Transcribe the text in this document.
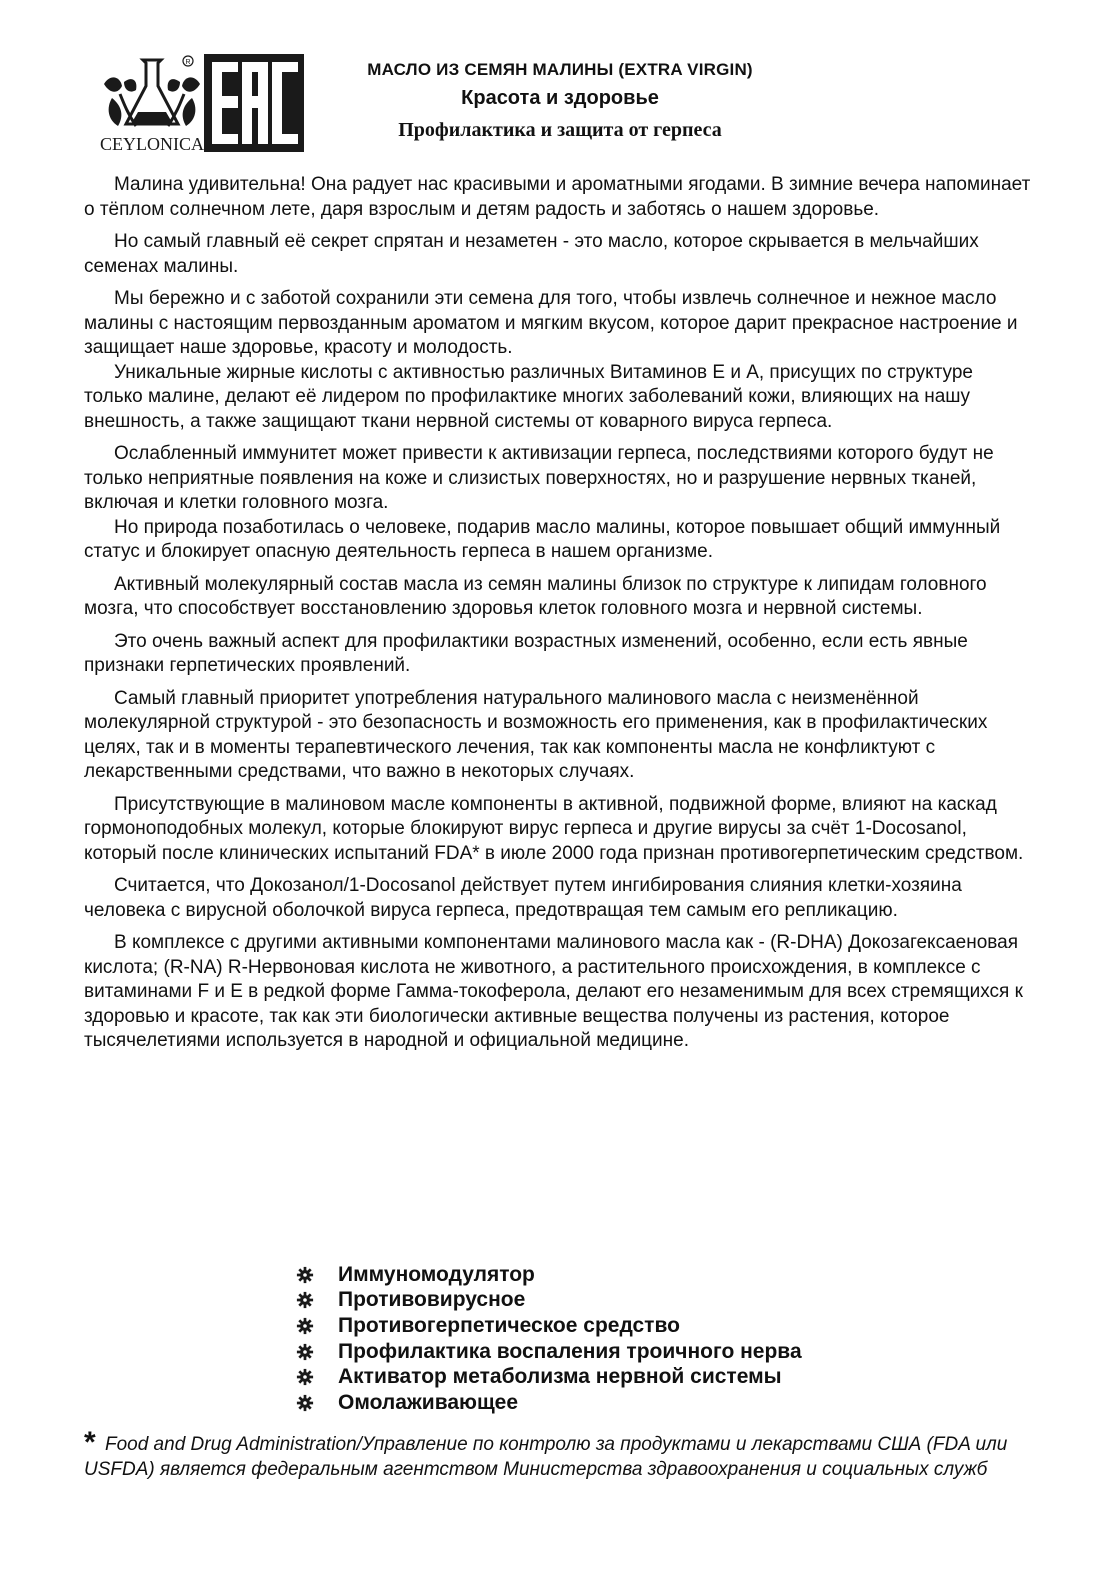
R
CEYLONICA

МАСЛО ИЗ СЕМЯН МАЛИНЫ (EXTRA VIRGIN)

Красота и здоровье

Профилактика и защита от герпеса

Малина удивительна! Она радует нас красивыми и ароматными ягодами. В зимние вечера напоминает о тёплом солнечном лете, даря взрослым и детям радость и заботясь о нашем здоровье.

Но самый главный её секрет спрятан и незаметен - это масло, которое скрывается в мельчайших семенах малины.

Мы бережно и с заботой сохранили эти семена для того, чтобы извлечь солнечное и нежное масло малины с настоящим первозданным ароматом и мягким вкусом, которое дарит прекрасное настроение и защищает наше здоровье, красоту и молодость.

Уникальные жирные кислоты с активностью различных Витаминов Е и А, присущих по структуре только малине, делают её лидером по профилактике многих заболеваний кожи, влияющих на нашу внешность, а также защищают ткани нервной системы от коварного вируса герпеса.

Ослабленный иммунитет может привести к активизации герпеса, последствиями которого будут не только неприятные появления на коже и слизистых поверхностях, но и разрушение нервных тканей, включая и клетки головного мозга.

Но природа позаботилась о человеке, подарив масло малины, которое повышает общий иммунный статус и блокирует опасную деятельность герпеса в нашем организме.

Активный молекулярный состав масла из семян малины близок по структуре к липидам головного мозга, что способствует восстановлению здоровья клеток головного мозга и нервной системы.

Это очень важный аспект для профилактики возрастных изменений, особенно, если есть явные признаки герпетических проявлений.

Самый главный приоритет употребления натурального малинового масла с неизменённой молекулярной структурой - это безопасность и возможность его применения, как в профилактических целях, так и в моменты терапевтического лечения, так как компоненты масла не конфликтуют с лекарственными средствами, что важно в некоторых случаях.

Присутствующие в малиновом масле компоненты в активной, подвижной форме, влияют на каскад гормоноподобных молекул, которые блокируют вирус герпеса и другие вирусы за счёт 1-Docosanol, который после клинических испытаний FDA* в июле 2000 года признан противогерпетическим средством.

Считается, что Докозанол/1-Docosanol действует путем ингибирования слияния клетки-хозяина человека с вирусной оболочкой вируса герпеса, предотвращая тем самым его репликацию.

В комплексе с другими активными компонентами малинового масла как - (R-DHA) Докозагексаеновая кислота; (R-NA) R-Нервоновая кислота не животного, а растительного происхождения, в комплексе с витаминами F и E в редкой форме Гамма-токоферола, делают его незаменимым для всех стремящихся к здоровью и красоте, так как эти биологически активные вещества получены из растения, которое тысячелетиями используется в народной и официальной медицине.

Иммуномодулятор
Противовирусное
Противогерпетическое средство
Профилактика воспаления троичного нерва
Активатор метаболизма нервной системы
Омолаживающее
* Food and Drug Administration/Управление по контролю за продуктами и лекарствами США (FDA или USFDA) является федеральным агентством Министерства здравоохранения и социальных служб
